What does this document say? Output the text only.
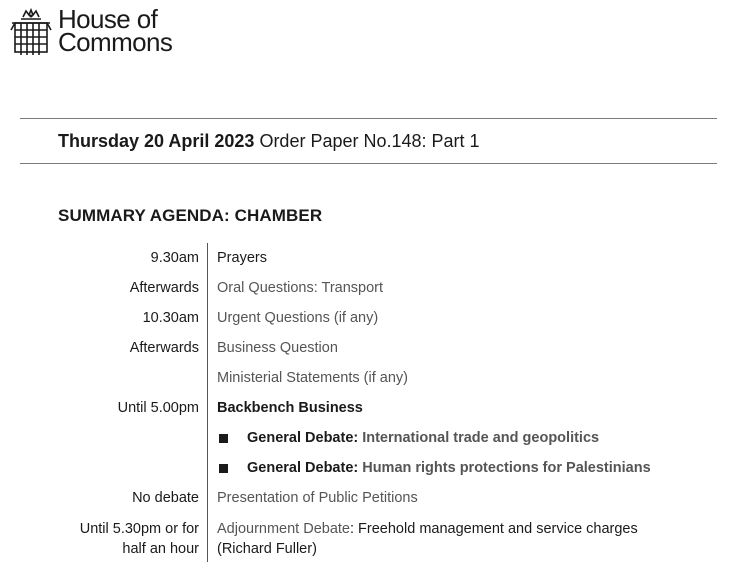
House of
Commons
Thursday 20 April 2023 Order Paper No.148: Part 1
SUMMARY AGENDA: CHAMBER
9.30am Prayers
Afterwards Oral Questions: Transport
10.30am Urgent Questions (if any)
Afterwards Business Question
Ministerial Statements (if any)
Until 5.00pm Backbench Business
General Debate: International trade and geopolitics
General Debate: Human rights protections for Palestinians
No debate Presentation of Public Petitions
Until 5.30pm or for
half an hour
Adjournment Debate: Freehold management and service charges
(Richard Fuller)
